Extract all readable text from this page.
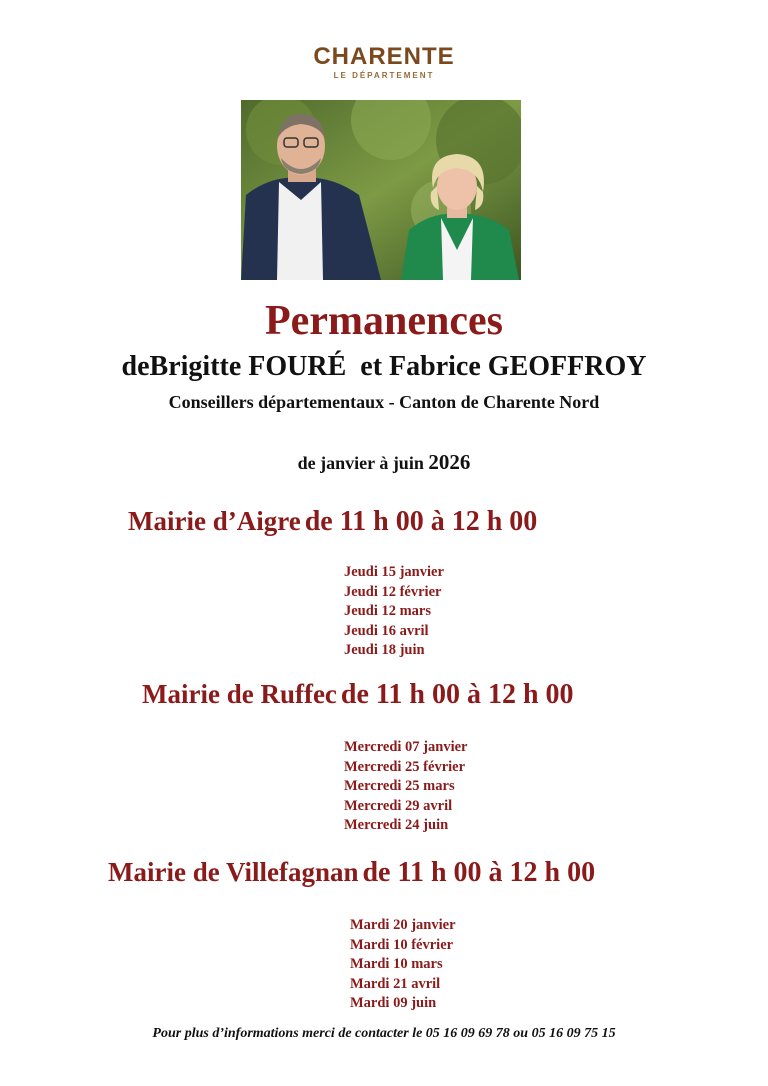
CHARENTE
LE DÉPARTEMENT
Permanences
deBrigitte FOURÉ et Fabrice GEOFFROY
Conseillers départementaux - Canton de Charente Nord
de janvier à juin 2026
Mairie d’Aigre de 11 h 00 à 12 h 00
Jeudi 15 janvier
Jeudi 12 février
Jeudi 12 mars
Jeudi 16 avril
Jeudi 18 juin
Mairie de Ruffec de 11 h 00 à 12 h 00
Mercredi 07 janvier
Mercredi 25 février
Mercredi 25 mars
Mercredi 29 avril
Mercredi 24 juin
Mairie de Villefagnan de 11 h 00 à 12 h 00
Mardi 20 janvier
Mardi 10 février
Mardi 10 mars
Mardi 21 avril
Mardi 09 juin
Pour plus d’informations merci de contacter le 05 16 09 69 78 ou 05 16 09 75 15
